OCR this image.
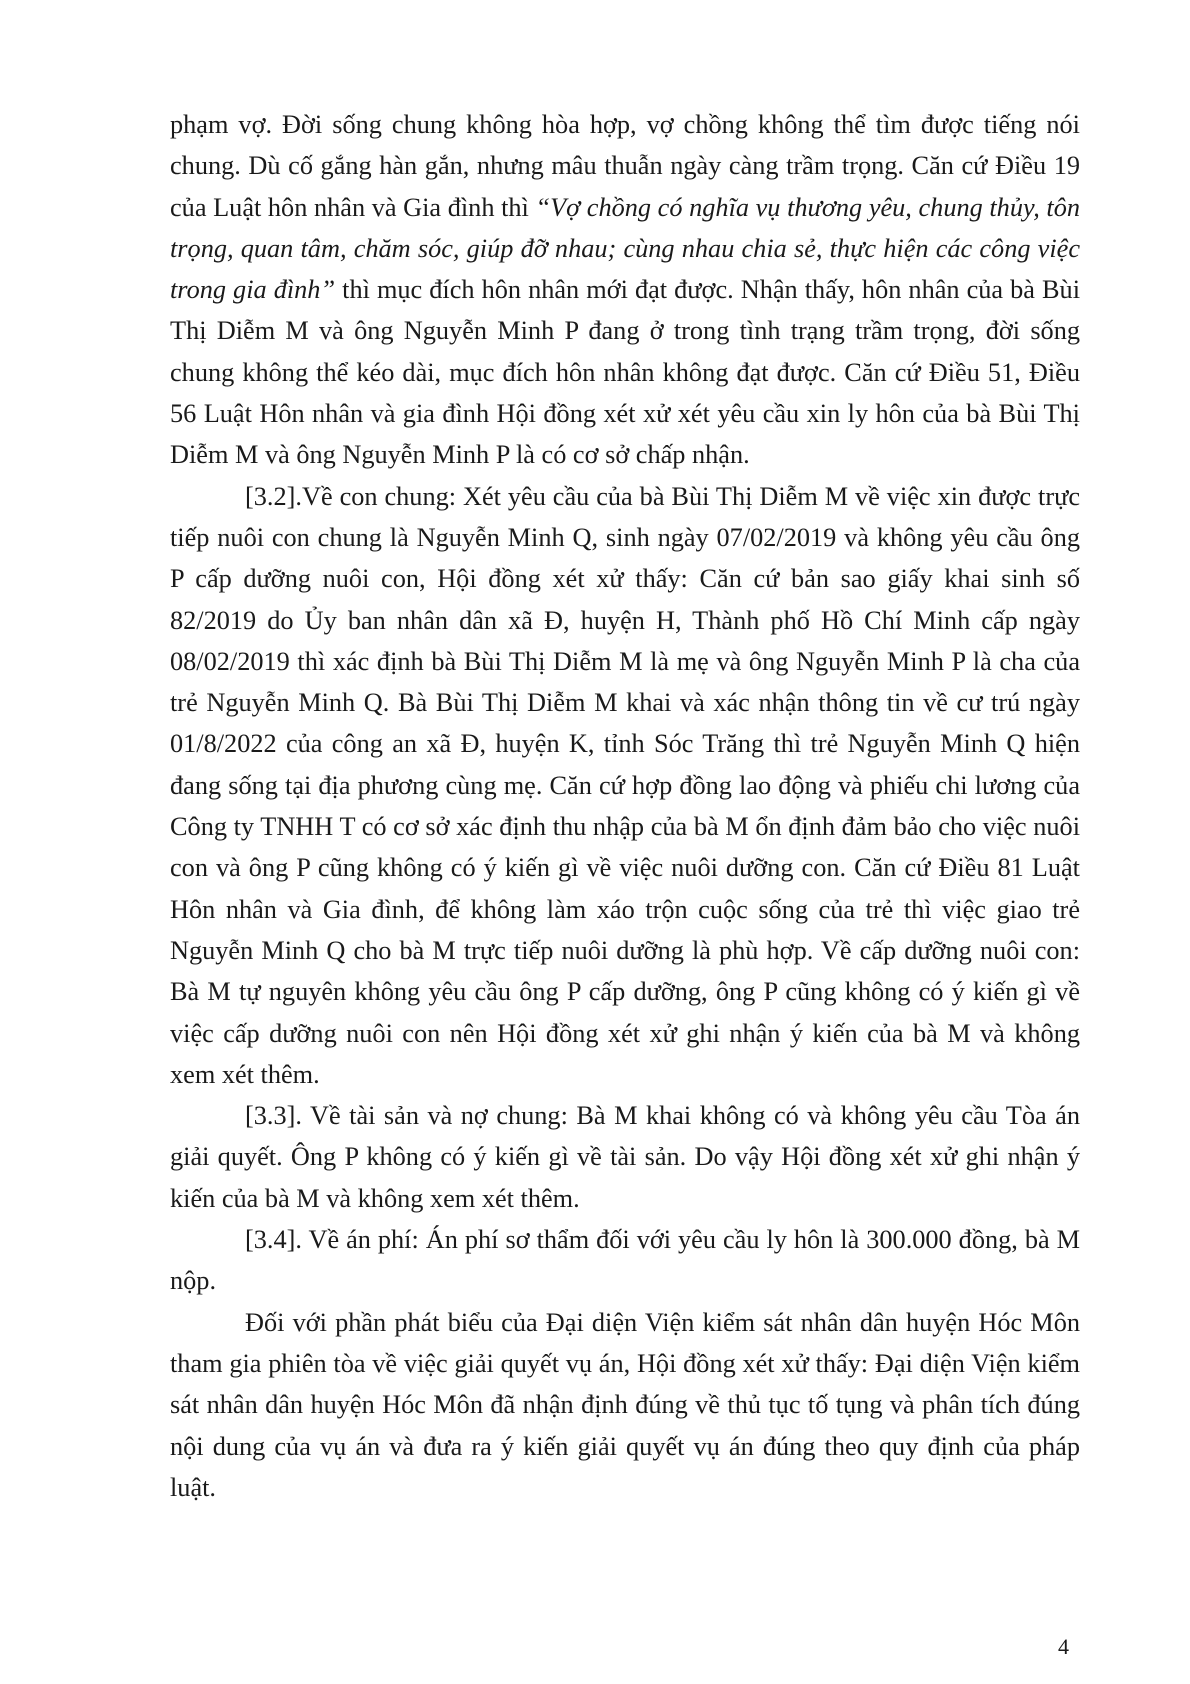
phạm vợ. Đời sống chung không hòa hợp, vợ chồng không thể tìm được tiếng nói chung. Dù cố gắng hàn gắn, nhưng mâu thuẫn ngày càng trầm trọng. Căn cứ Điều 19 của Luật hôn nhân và Gia đình thì “Vợ chồng có nghĩa vụ thương yêu, chung thủy, tôn trọng, quan tâm, chăm sóc, giúp đỡ nhau; cùng nhau chia sẻ, thực hiện các công việc trong gia đình” thì mục đích hôn nhân mới đạt được. Nhận thấy, hôn nhân của bà Bùi Thị Diễm M và ông Nguyễn Minh P đang ở trong tình trạng trầm trọng, đời sống chung không thể kéo dài, mục đích hôn nhân không đạt được. Căn cứ Điều 51, Điều 56 Luật Hôn nhân và gia đình Hội đồng xét xử xét yêu cầu xin ly hôn của bà Bùi Thị Diễm M và ông Nguyễn Minh P là có cơ sở chấp nhận.

[3.2].Về con chung: Xét yêu cầu của bà Bùi Thị Diễm M về việc xin được trực tiếp nuôi con chung là Nguyễn Minh Q, sinh ngày 07/02/2019 và không yêu cầu ông P cấp dưỡng nuôi con, Hội đồng xét xử thấy: Căn cứ bản sao giấy khai sinh số 82/2019 do Ủy ban nhân dân xã Đ, huyện H, Thành phố Hồ Chí Minh cấp ngày 08/02/2019 thì xác định bà Bùi Thị Diễm M là mẹ và ông Nguyễn Minh P là cha của trẻ Nguyễn Minh Q. Bà Bùi Thị Diễm M khai và xác nhận thông tin về cư trú ngày 01/8/2022 của công an xã Đ, huyện K, tỉnh Sóc Trăng thì trẻ Nguyễn Minh Q hiện đang sống tại địa phương cùng mẹ. Căn cứ hợp đồng lao động và phiếu chi lương của Công ty TNHH T có cơ sở xác định thu nhập của bà M ổn định đảm bảo cho việc nuôi con và ông P cũng không có ý kiến gì về việc nuôi dưỡng con. Căn cứ Điều 81 Luật Hôn nhân và Gia đình, để không làm xáo trộn cuộc sống của trẻ thì việc giao trẻ Nguyễn Minh Q cho bà M trực tiếp nuôi dưỡng là phù hợp. Về cấp dưỡng nuôi con: Bà M tự nguyên không yêu cầu ông P cấp dưỡng, ông P cũng không có ý kiến gì về việc cấp dưỡng nuôi con nên Hội đồng xét xử ghi nhận ý kiến của bà M và không xem xét thêm.

[3.3]. Về tài sản và nợ chung: Bà M khai không có và không yêu cầu Tòa án giải quyết. Ông P không có ý kiến gì về tài sản. Do vậy Hội đồng xét xử ghi nhận ý kiến của bà M và không xem xét thêm.

[3.4]. Về án phí: Án phí sơ thẩm đối với yêu cầu ly hôn là 300.000 đồng, bà M nộp.

Đối với phần phát biểu của Đại diện Viện kiểm sát nhân dân huyện Hóc Môn tham gia phiên tòa về việc giải quyết vụ án, Hội đồng xét xử thấy: Đại diện Viện kiểm sát nhân dân huyện Hóc Môn đã nhận định đúng về thủ tục tố tụng và phân tích đúng nội dung của vụ án và đưa ra ý kiến giải quyết vụ án đúng theo quy định của pháp luật.

4
